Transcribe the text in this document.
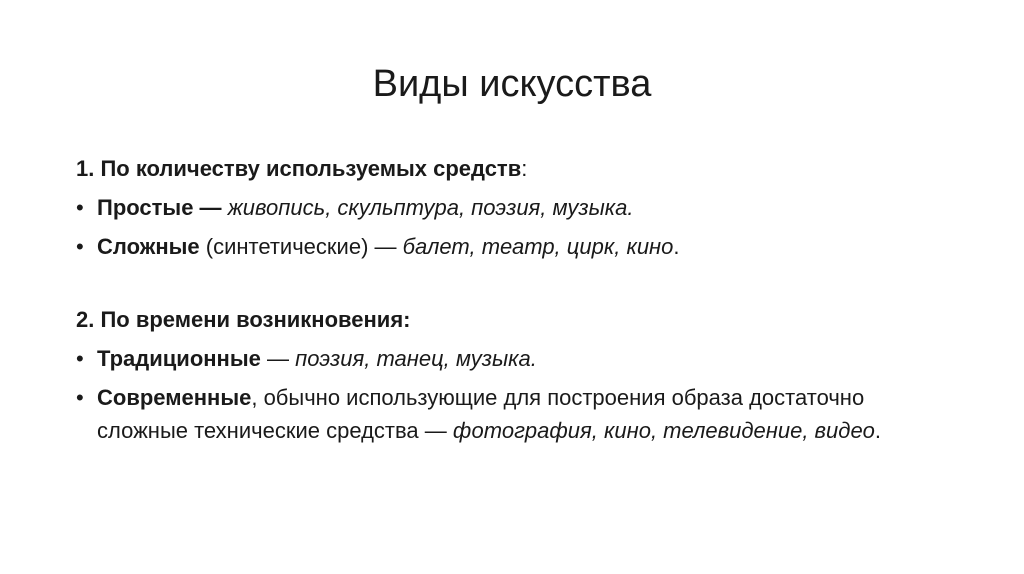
Виды искусства

1. По количеству используемых средств:

• Простые — живопись, скульптура, поэзия, музыка.
• Сложные (синтетические) — балет, театр, цирк, кино.

2. По времени возникновения:

• Традиционные — поэзия, танец, музыка.
• Современные, обычно использующие для построения образа достаточно сложные технические средства — фотография, кино, телевидение, видео.
